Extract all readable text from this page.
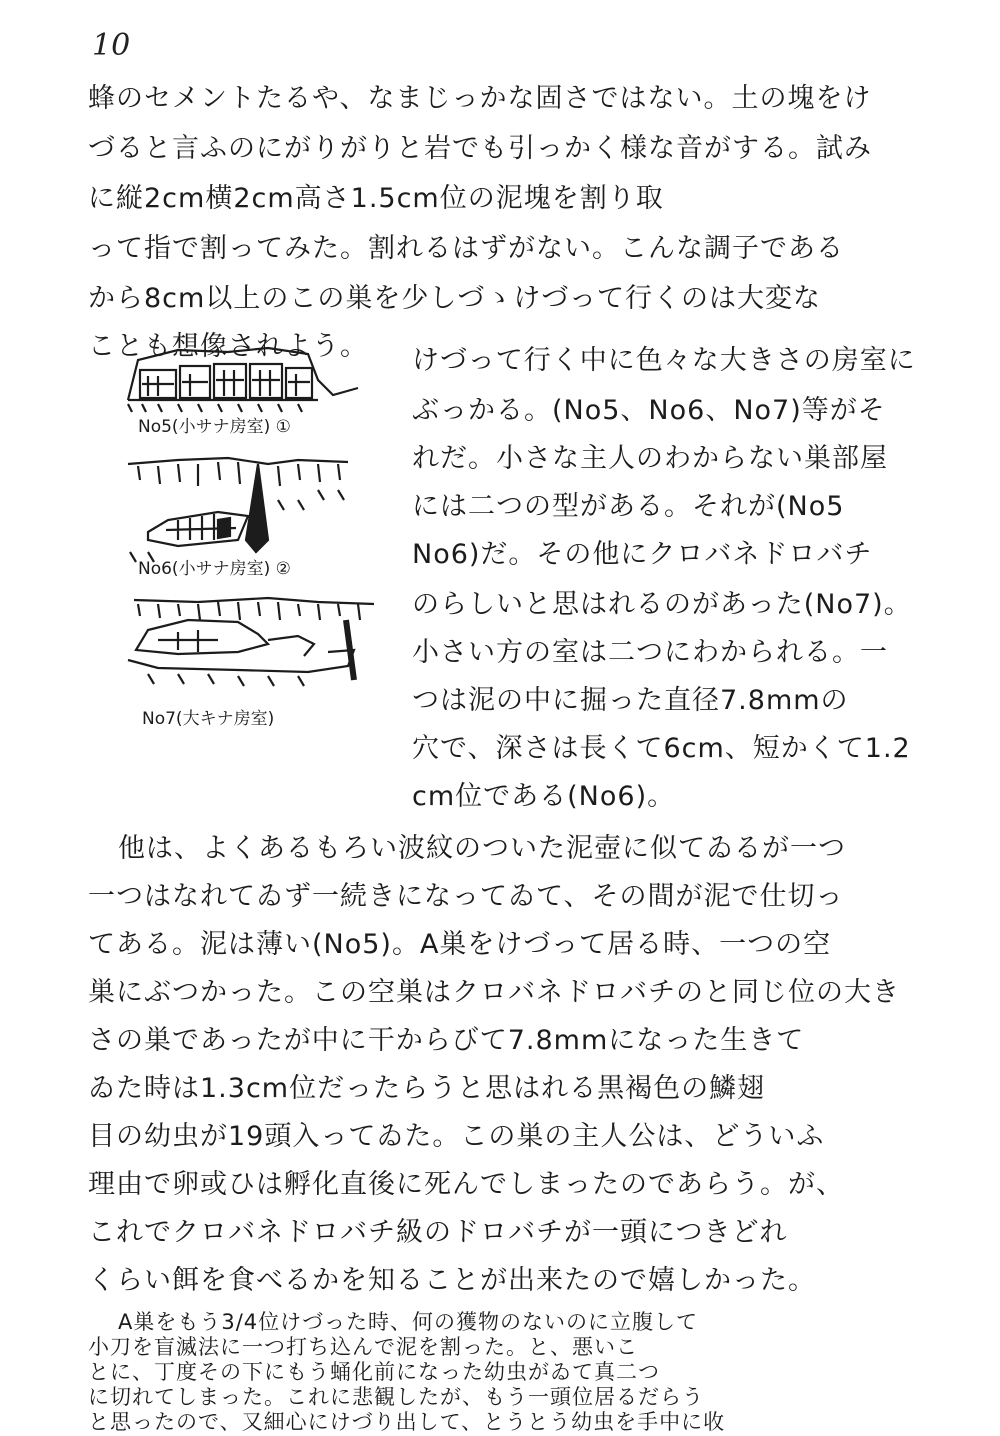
10
蜂のセメントたるや、なまじっかな固さではない。土の塊をけ
づると言ふのにがりがりと岩でも引っかく様な音がする。試み
に縦2cm横2cm高さ1.5cm位の泥塊を割り取
って指で割ってみた。割れるはずがない。こんな調子である
から8cm以上のこの巣を少しづゝけづって行くのは大変な
ことも想像されよう。
No5(小サナ房室) ①
No6(小サナ房室) ②
No7(大キナ房室)
けづって行く中に色々な大きさの房室に
ぶっかる。(No5、No6、No7)等がそ
れだ。小さな主人のわからない巣部屋
には二つの型がある。それが(No5
No6)だ。その他にクロバネドロバチ
のらしいと思はれるのがあった(No7)。
小さい方の室は二つにわかられる。一
つは泥の中に掘った直径7.8mmの
穴で、深さは長くて6cm、短かくて1.2
cm位である(No6)。
他は、よくあるもろい波紋のついた泥壺に似てゐるが一つ
一つはなれてゐず一続きになってゐて、その間が泥で仕切っ
てある。泥は薄い(No5)。A巣をけづって居る時、一つの空
巣にぶつかった。この空巣はクロバネドロバチのと同じ位の大き
さの巣であったが中に干からびて7.8mmになった生きて
ゐた時は1.3cm位だったらうと思はれる黒褐色の鱗翅
目の幼虫が19頭入ってゐた。この巣の主人公は、どういふ
理由で卵或ひは孵化直後に死んでしまったのであらう。が、
これでクロバネドロバチ級のドロバチが一頭につきどれ
くらい餌を食べるかを知ることが出来たので嬉しかった。
A巣をもう3/4位けづった時、何の獲物のないのに立腹して
小刀を盲滅法に一つ打ち込んで泥を割った。と、悪いこ
とに、丁度その下にもう蛹化前になった幼虫がゐて真二つ
に切れてしまった。これに悲観したが、もう一頭位居るだらう
と思ったので、又細心にけづり出して、とうとう幼虫を手中に收
